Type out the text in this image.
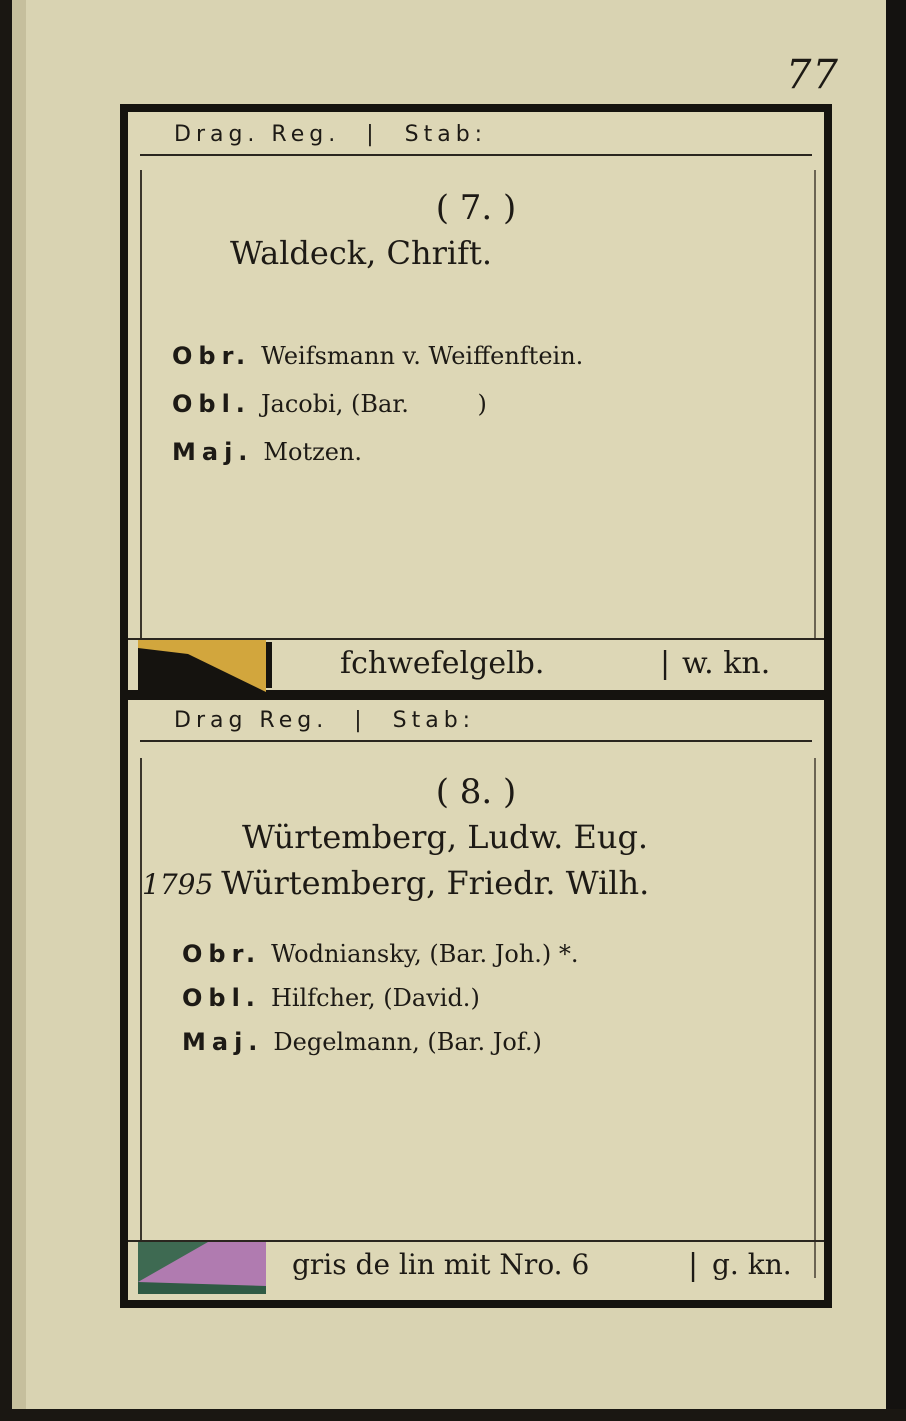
77
Drag. Reg. | Stab:
( 7. )
Waldeck, Chrift.
Obr. Weifsmann v. Weiffenftein.
Obl. Jacobi, (Bar.         )
Maj. Motzen.
fchwefelgelb.	| w. kn.
Drag Reg. | Stab:
( 8. )
Würtemberg, Ludw. Eug.
1795 Würtemberg, Friedr. Wilh.
Obr. Wodniansky, (Bar. Joh.) *.
Obl. Hilfcher, (David.)
Maj. Degelmann, (Bar. Jof.)
gris de lin mit Nro. 6	| g. kn.
